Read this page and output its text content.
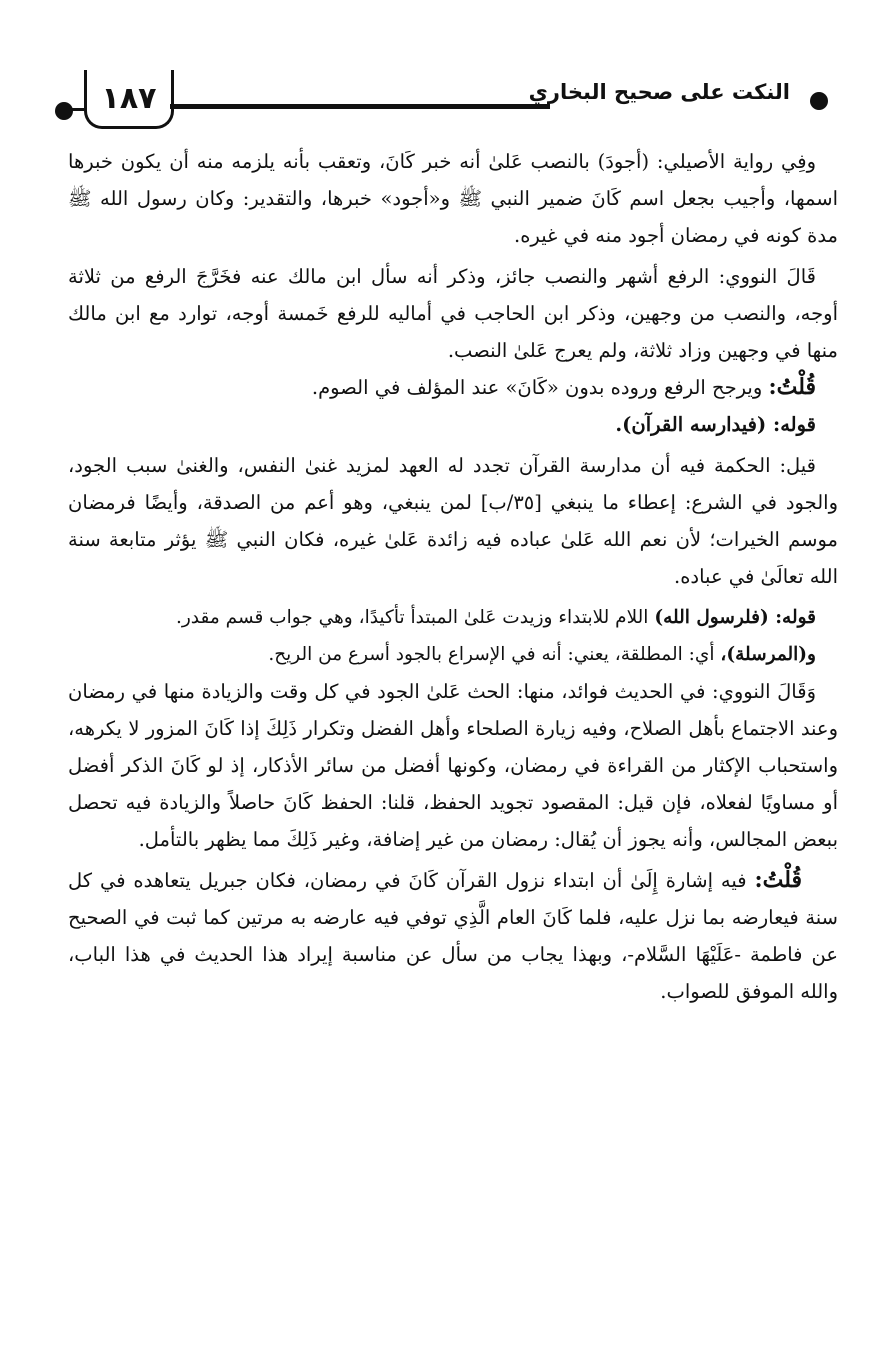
١٨٧	النكت على صحيح البخاري

وفِي رواية الأصيلي: (أجودَ) بالنصب عَلىٰ أنه خبر كَانَ، وتعقب بأنه يلزمه منه أن يكون خبرها اسمها، وأجيب بجعل اسم كَانَ ضمير النبي ﷺ و«أجود» خبرها، والتقدير: وكان رسول الله ﷺ مدة كونه في رمضان أجود منه في غيره.

قَالَ النووي: الرفع أشهر والنصب جائز، وذكر أنه سأل ابن مالك عنه فخَرَّجَ الرفع من ثلاثة أوجه، والنصب من وجهين، وذكر ابن الحاجب في أماليه للرفع خَمسة أوجه، توارد مع ابن مالك منها في وجهين وزاد ثلاثة، ولم يعرج عَلىٰ النصب.

قُلْتُ: ويرجح الرفع وروده بدون «كَانَ» عند المؤلف في الصوم.

قوله: (فيدارسه القرآن).

قيل: الحكمة فيه أن مدارسة القرآن تجدد له العهد لمزيد غنىٰ النفس، والغنىٰ سبب الجود، والجود في الشرع: إعطاء ما ينبغي [٣٥/ب] لمن ينبغي، وهو أعم من الصدقة، وأيضًا فرمضان موسم الخيرات؛ لأن نعم الله عَلىٰ عباده فيه زائدة عَلىٰ غيره، فكان النبي ﷺ يؤثر متابعة سنة الله تعالَىٰ في عباده.

قوله: (فلرسول الله) اللام للابتداء وزيدت عَلىٰ المبتدأ تأكيدًا، وهي جواب قسم مقدر.

و(المرسلة)، أي: المطلقة، يعني: أنه في الإسراع بالجود أسرع من الريح.

وَقَالَ النووي: في الحديث فوائد، منها: الحث عَلىٰ الجود في كل وقت والزيادة منها في رمضان وعند الاجتماع بأهل الصلاح، وفيه زيارة الصلحاء وأهل الفضل وتكرار ذَلِكَ إذا كَانَ المزور لا يكرهه، واستحباب الإكثار من القراءة في رمضان، وكونها أفضل من سائر الأذكار، إذ لو كَانَ الذكر أفضل أو مساويًا لفعلاه، فإن قيل: المقصود تجويد الحفظ، قلنا: الحفظ كَانَ حاصلاً والزيادة فيه تحصل ببعض المجالس، وأنه يجوز أن يُقال: رمضان من غير إضافة، وغير ذَلِكَ مما يظهر بالتأمل.

قُلْتُ: فيه إشارة إِلَىٰ أن ابتداء نزول القرآن كَانَ في رمضان، فكان جبريل يتعاهده في كل سنة فيعارضه بما نزل عليه، فلما كَانَ العام الَّذِي توفي فيه عارضه به مرتين كما ثبت في الصحيح عن فاطمة -عَلَيْهَا السَّلام-، وبهذا يجاب من سأل عن مناسبة إيراد هذا الحديث في هذا الباب، والله الموفق للصواب.
